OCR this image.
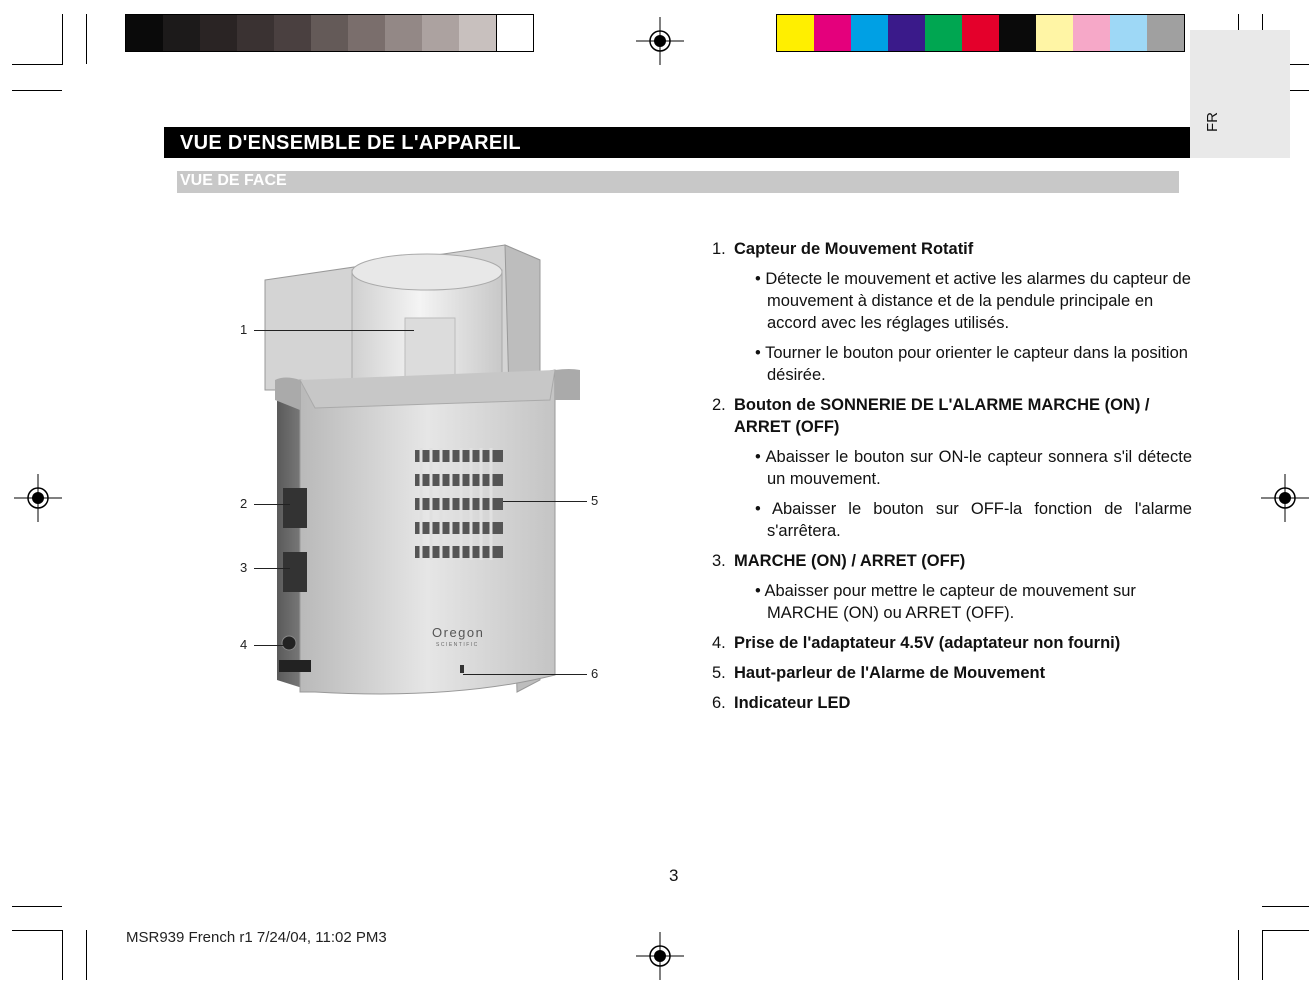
FR
VUE D'ENSEMBLE DE L'APPAREIL
VUE DE FACE
Oregon
SCIENTIFIC
1
2
3
4
5
6
1. Capteur de Mouvement Rotatif
• Détecte le mouvement et active les alarmes du capteur de mouvement à distance et de la pendule principale en accord avec les réglages utilisés.
• Tourner le bouton pour orienter le capteur dans la position désirée.
2. Bouton de SONNERIE DE L'ALARME MARCHE (ON) / ARRET (OFF)
• Abaisser le bouton sur ON-le capteur sonnera s'il détecte un mouvement.
• Abaisser le bouton sur OFF-la fonction de l'alarme s'arrêtera.
3. MARCHE (ON) / ARRET (OFF)
• Abaisser pour mettre le capteur de mouvement sur MARCHE (ON) ou ARRET (OFF).
4. Prise de l'adaptateur 4.5V (adaptateur non fourni)
5. Haut-parleur de l'Alarme de Mouvement
6. Indicateur LED
3
MSR939 French r1 7/24/04, 11:02 PM3
